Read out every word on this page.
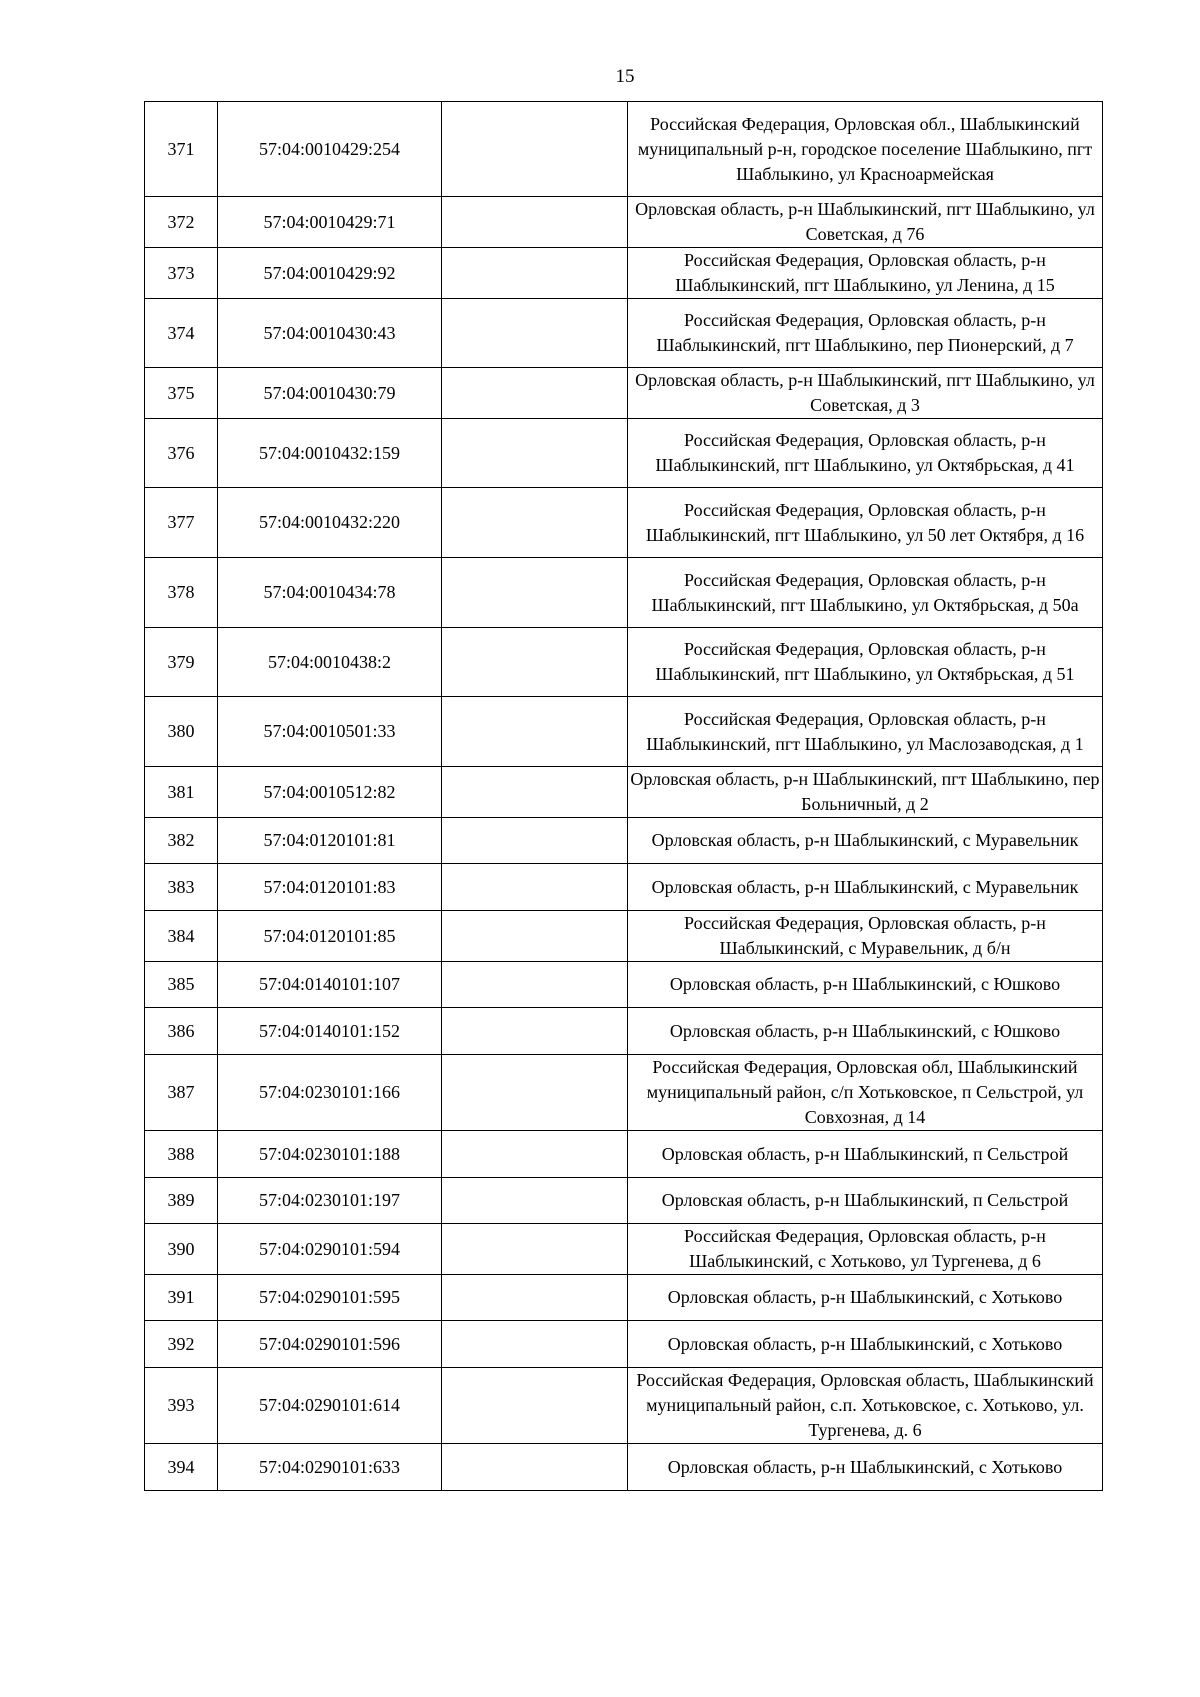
15
371	57:04:0010429:254		Российская Федерация, Орловская обл., Шаблыкинский муниципальный р-н, городское поселение Шаблыкино, пгт Шаблыкино, ул Красноармейская

372	57:04:0010429:71		Орловская область, р-н Шаблыкинский, пгт Шаблыкино, ул Советская, д 76

373	57:04:0010429:92		Российская Федерация, Орловская область, р-н Шаблыкинский, пгт Шаблыкино, ул Ленина, д 15

374	57:04:0010430:43		Российская Федерация, Орловская область, р-н Шаблыкинский, пгт Шаблыкино, пер Пионерский, д 7

375	57:04:0010430:79		Орловская область, р-н Шаблыкинский, пгт Шаблыкино, ул Советская, д 3

376	57:04:0010432:159		Российская Федерация, Орловская область, р-н Шаблыкинский, пгт Шаблыкино, ул Октябрьская, д 41

377	57:04:0010432:220		Российская Федерация, Орловская область, р-н Шаблыкинский, пгт Шаблыкино, ул 50 лет Октября, д 16

378	57:04:0010434:78		Российская Федерация, Орловская область, р-н Шаблыкинский, пгт Шаблыкино, ул Октябрьская, д 50а

379	57:04:0010438:2		Российская Федерация, Орловская область, р-н Шаблыкинский, пгт Шаблыкино, ул Октябрьская, д 51

380	57:04:0010501:33		Российская Федерация, Орловская область, р-н Шаблыкинский, пгт Шаблыкино, ул Маслозаводская, д 1

381	57:04:0010512:82		Орловская область, р-н Шаблыкинский, пгт Шаблыкино, пер Больничный, д 2

382	57:04:0120101:81		Орловская область, р-н Шаблыкинский, с Муравельник

383	57:04:0120101:83		Орловская область, р-н Шаблыкинский, с Муравельник

384	57:04:0120101:85		Российская Федерация, Орловская область, р-н Шаблыкинский, с Муравельник, д б/н

385	57:04:0140101:107		Орловская область, р-н Шаблыкинский, с Юшково

386	57:04:0140101:152		Орловская область, р-н Шаблыкинский, с Юшково

387	57:04:0230101:166		Российская Федерация, Орловская обл, Шаблыкинский муниципальный район, с/п Хотьковское, п Сельстрой, ул Совхозная, д 14

388	57:04:0230101:188		Орловская область, р-н Шаблыкинский, п Сельстрой

389	57:04:0230101:197		Орловская область, р-н Шаблыкинский, п Сельстрой

390	57:04:0290101:594		Российская Федерация, Орловская область, р-н Шаблыкинский, с Хотьково, ул Тургенева, д 6

391	57:04:0290101:595		Орловская область, р-н Шаблыкинский, с Хотьково

392	57:04:0290101:596		Орловская область, р-н Шаблыкинский, с Хотьково

393	57:04:0290101:614		Российская Федерация, Орловская область, Шаблыкинский муниципальный район, с.п. Хотьковское, с. Хотьково, ул. Тургенева, д. 6

394	57:04:0290101:633		Орловская область, р-н Шаблыкинский, с Хотьково
